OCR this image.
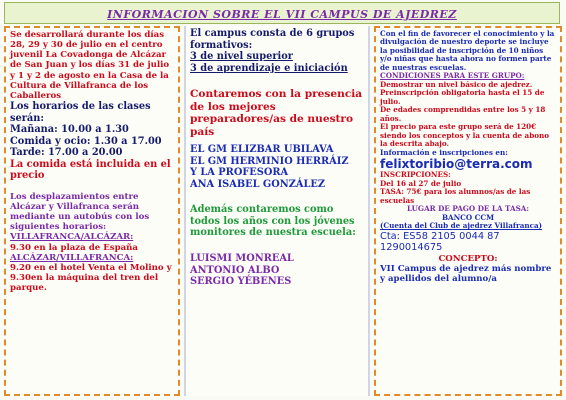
INFORMACION SOBRE EL VII CAMPUS DE AJEDREZ

Se desarrollará durante los días 28, 29 y 30 de julio en el centro juvenil La Covadonga de Alcázar de San Juan y los días 31 de julio y 1 y 2 de agosto en la Casa de la Cultura de Villafranca de los Caballeros

Los horarios de las clases serán:

Mañana: 10.00 a 1.30

Comida y ocio: 1.30 a 17.00

Tarde: 17.00 a 20.00

La comida está incluida en el precio

Los desplazamientos entre Alcázar y Villafranca serán mediante un autobús con los siguientes horarios:

VILLAFRANCA/ALCÁZAR:

9.30 en la plaza de España

ALCÁZAR/VILLAFRANCA:

9.20 en el hotel Venta el Molino y 9.30en la máquina del tren del parque.

El campus consta de 6 grupos formativos:

3 de nivel superior

3 de aprendizaje e iniciación

Contaremos con la presencia de los mejores preparadores/as de nuestro país

EL GM ELIZBAR UBILAVA

EL GM HERMINIO HERRÁIZ

Y LA PROFESORA

ANA ISABEL GONZÁLEZ

Además contaremos como todos los años con los jóvenes monitores de nuestra escuela:

LUISMI MONREAL

ANTONIO ALBO

SERGIO YÉBENES

Con el fin de favorecer el conocimiento y la divulgación de nuestro deporte se incluye la posibilidad de inscripción de 10 niños y/o niñas que hasta ahora no formen parte de nuestras escuelas.

CONDICIONES PARA ESTE GRUPO:

Demostrar un nivel básico de ajedrez.

Preinscripción obligatoria hasta el 15 de julio.

De edades comprendidas entre los 5 y 18 años.

El precio para este grupo será de 120€ siendo los conceptos y la cuenta de abono la descrita abajo.

Información e inscripciones en:

felixtoribio@terra.com

INSCRIPCIONES:

Del 16 al 27 de julio

TASA: 75€ para los alumnos/as de las escuelas

LUGAR DE PAGO DE LA TASA:

BANCO CCM

(Cuenta del Club de ajedrez Villafranca)

Cta: ES58 2105 0044 87

1290014675

CONCEPTO:

VII Campus de ajedrez más nombre y apellidos del alumno/a
